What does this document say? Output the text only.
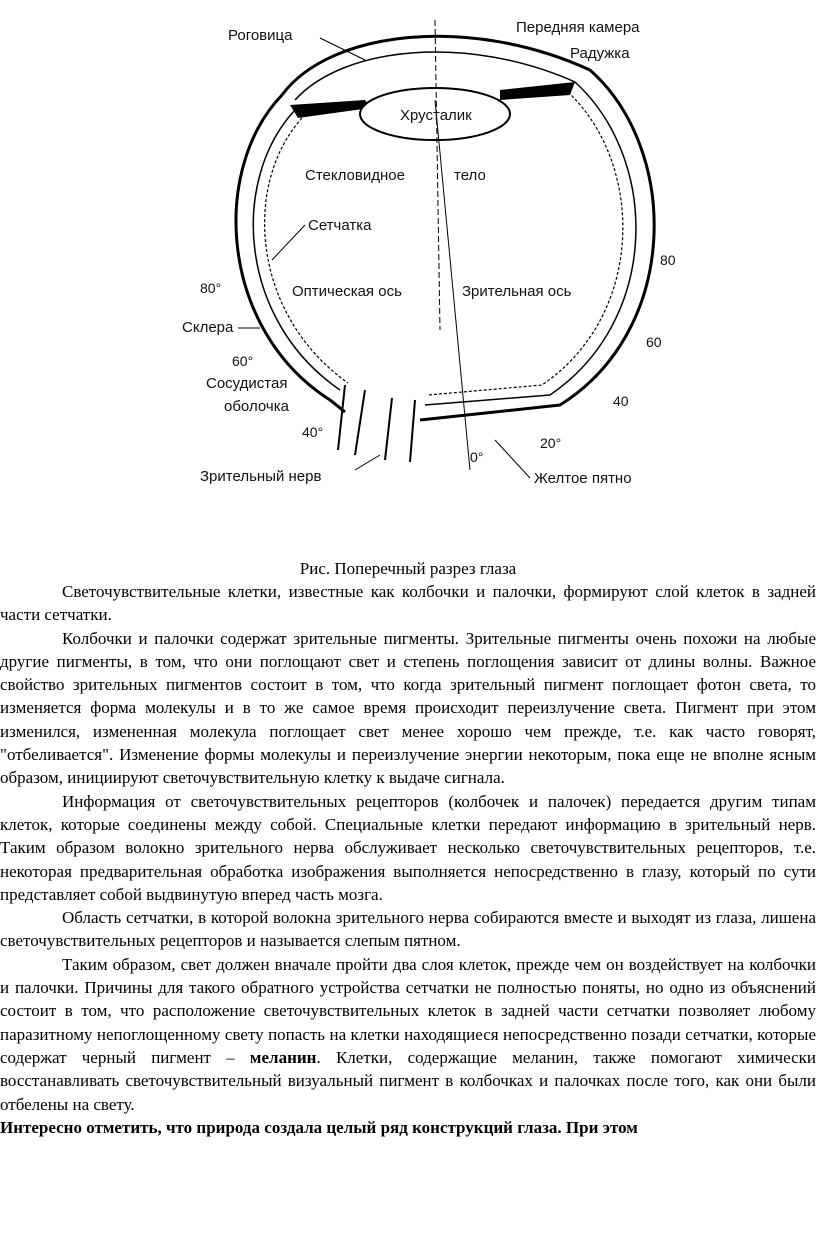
Роговица	Передняя камера
Радужка
Хрусталик
Стекловидное	тело
Сетчатка
Оптическая ось	Зрительная ось
Склера
Сосудистая
оболочка
Зрительный нерв	Желтое пятно
80°
60°
40°
80
60
40
20°
0°
Рис. Поперечный разрез глаза

Светочувствительные клетки, известные как колбочки и палочки, формируют слой клеток в задней части сетчатки.

Колбочки и палочки содержат зрительные пигменты. Зрительные пигменты очень похожи на любые другие пигменты, в том, что они поглощают свет и степень поглощения зависит от длины волны. Важное свойство зрительных пигментов состоит в том, что когда зрительный пигмент поглощает фотон света, то изменяется форма молекулы и в то же самое время происходит переизлучение света. Пигмент при этом изменился, измененная молекула поглощает свет менее хорошо чем прежде, т.е. как часто говорят, "отбеливается". Изменение формы молекулы и переизлучение энергии некоторым, пока еще не вполне ясным образом, инициируют светочувствительную клетку к выдаче сигнала.

Информация от светочувствительных рецепторов (колбочек и палочек) передается другим типам клеток, которые соединены между собой. Специальные клетки передают информацию в зрительный нерв. Таким образом волокно зрительного нерва обслуживает несколько светочувствительных рецепторов, т.е. некоторая предварительная обработка изображения выполняется непосредственно в глазу, который по сути представляет собой выдвинутую вперед часть мозга.

Область сетчатки, в которой волокна зрительного нерва собираются вместе и выходят из глаза, лишена светочувствительных рецепторов и называется слепым пятном.

Таким образом, свет должен вначале пройти два слоя клеток, прежде чем он воздействует на колбочки и палочки. Причины для такого обратного устройства сетчатки не полностью поняты, но одно из объяснений состоит в том, что расположение светочувствительных клеток в задней части сетчатки позволяет любому паразитному непоглощенному свету попасть на клетки находящиеся непосредственно позади сетчатки, которые содержат черный пигмент – меланин. Клетки, содержащие меланин, также помогают химически восстанавливать светочувствительный визуальный пигмент в колбочках и палочках после того, как они были отбелены на свету.

Интересно отметить, что природа создала целый ряд конструкций глаза. При этом
